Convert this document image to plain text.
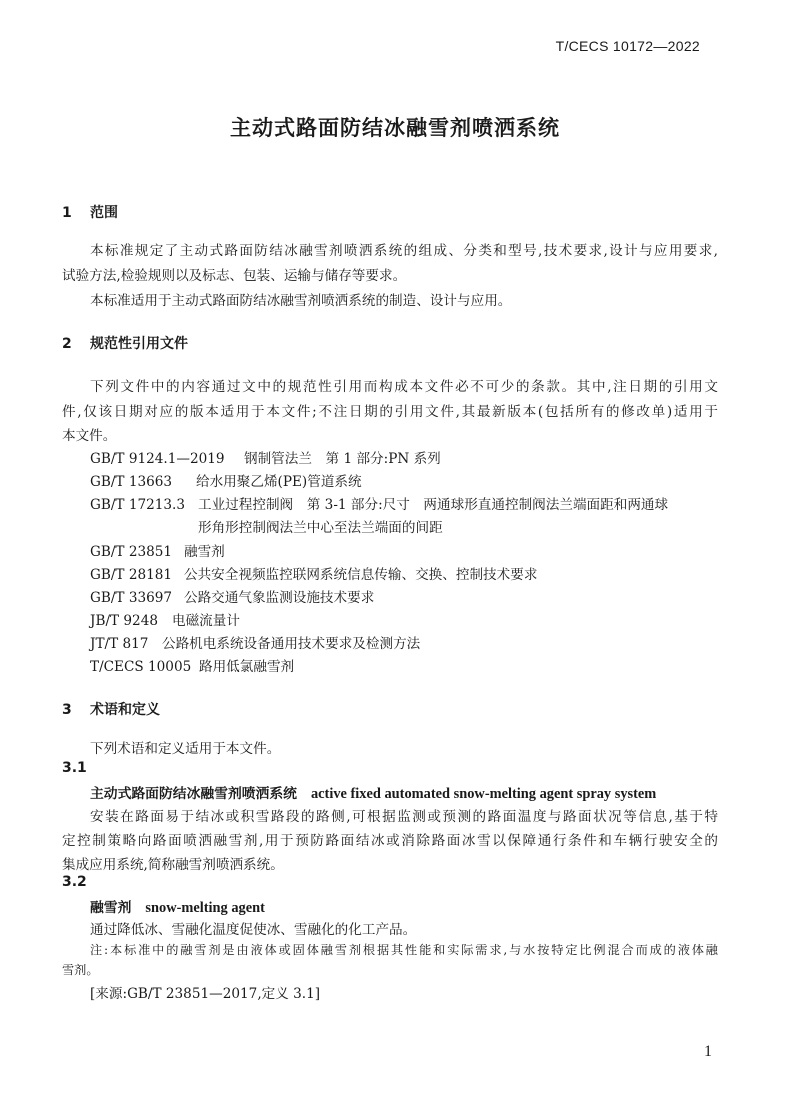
T/CECS 10172—2022
主动式路面防结冰融雪剂喷洒系统
1 范围
本标准规定了主动式路面防结冰融雪剂喷洒系统的组成、分类和型号,技术要求,设计与应用要求,
试验方法,检验规则以及标志、包装、运输与储存等要求。
本标准适用于主动式路面防结冰融雪剂喷洒系统的制造、设计与应用。
2 规范性引用文件
下列文件中的内容通过文中的规范性引用而构成本文件必不可少的条款。其中,注日期的引用文
件,仅该日期对应的版本适用于本文件;不注日期的引用文件,其最新版本(包括所有的修改单)适用于
本文件。
GB/T 9124.1—2019 钢制管法兰　第 1 部分:PN 系列
GB/T 13663 给水用聚乙烯(PE)管道系统
GB/T 17213.3 工业过程控制阀　第 3-1 部分:尺寸　两通球形直通控制阀法兰端面距和两通球
形角形控制阀法兰中心至法兰端面的间距
GB/T 23851 融雪剂
GB/T 28181 公共安全视频监控联网系统信息传输、交换、控制技术要求
GB/T 33697 公路交通气象监测设施技术要求
JB/T 9248 电磁流量计
JT/T 817 公路机电系统设备通用技术要求及检测方法
T/CECS 10005 路用低氯融雪剂
3 术语和定义
下列术语和定义适用于本文件。
3.1
主动式路面防结冰融雪剂喷洒系统 active fixed automated snow-melting agent spray system
安装在路面易于结冰或积雪路段的路侧,可根据监测或预测的路面温度与路面状况等信息,基于特
定控制策略向路面喷洒融雪剂,用于预防路面结冰或消除路面冰雪以保障通行条件和车辆行驶安全的
集成应用系统,简称融雪剂喷洒系统。
3.2
融雪剂 snow-melting agent
通过降低冰、雪融化温度促使冰、雪融化的化工产品。
注:本标准中的融雪剂是由液体或固体融雪剂根据其性能和实际需求,与水按特定比例混合而成的液体融
雪剂。
[来源:GB/T 23851—2017,定义 3.1]
1
